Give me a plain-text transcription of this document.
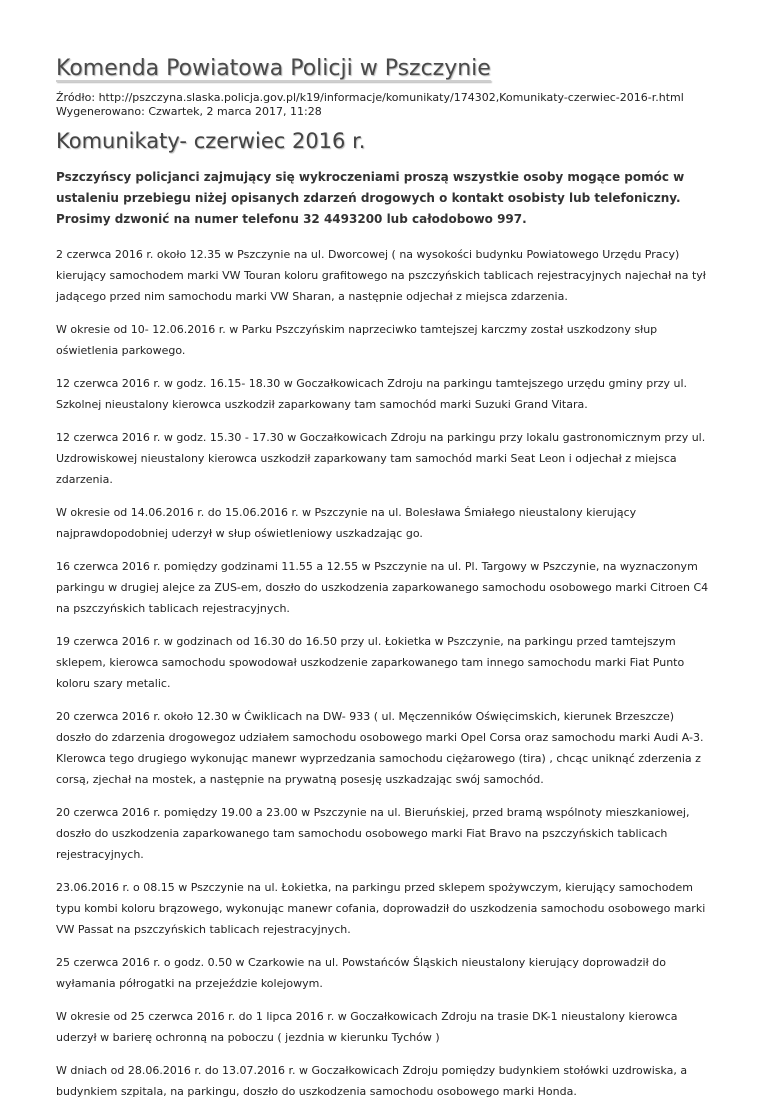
Komenda Powiatowa Policji w Pszczynie

Źródło: http://pszczyna.slaska.policja.gov.pl/k19/informacje/komunikaty/174302,Komunikaty-czerwiec-2016-r.html

Wygenerowano: Czwartek, 2 marca 2017, 11:28

Komunikaty- czerwiec 2016 r.

Pszczyńscy policjanci zajmujący się wykroczeniami proszą wszystkie osoby mogące pomóc w ustaleniu przebiegu niżej opisanych zdarzeń drogowych o kontakt osobisty lub telefoniczny. Prosimy dzwonić na numer telefonu 32 4493200 lub całodobowo 997.

2 czerwca 2016 r. około 12.35 w Pszczynie na ul. Dworcowej ( na wysokości budynku Powiatowego Urzędu Pracy) kierujący samochodem marki VW Touran koloru grafitowego na pszczyńskich tablicach rejestracyjnych najechał na tył jadącego przed nim samochodu marki VW Sharan, a następnie odjechał z miejsca zdarzenia.

W okresie od 10- 12.06.2016 r. w Parku Pszczyńskim naprzeciwko tamtejszej karczmy został uszkodzony słup oświetlenia parkowego.

12 czerwca 2016 r. w godz. 16.15- 18.30 w Goczałkowicach Zdroju na parkingu tamtejszego urzędu gminy przy ul. Szkolnej nieustalony kierowca uszkodził zaparkowany tam samochód marki Suzuki Grand Vitara.

12 czerwca 2016 r. w godz. 15.30 - 17.30 w Goczałkowicach Zdroju na parkingu przy lokalu gastronomicznym przy ul. Uzdrowiskowej nieustalony kierowca uszkodził zaparkowany tam samochód marki Seat Leon i odjechał z miejsca zdarzenia.

W okresie od 14.06.2016 r. do 15.06.2016 r. w Pszczynie na ul. Bolesława Śmiałego nieustalony kierujący najprawdopodobniej uderzył w słup oświetleniowy uszkadzając go.

16 czerwca 2016 r. pomiędzy godzinami 11.55 a 12.55 w Pszczynie na ul. Pl. Targowy w Pszczynie, na wyznaczonym parkingu w drugiej alejce za ZUS-em, doszło do uszkodzenia zaparkowanego samochodu osobowego marki Citroen C4 na pszczyńskich tablicach rejestracyjnych.

19 czerwca 2016 r. w godzinach od 16.30 do 16.50 przy ul. Łokietka w Pszczynie, na parkingu przed tamtejszym sklepem, kierowca samochodu spowodował uszkodzenie zaparkowanego tam innego samochodu marki Fiat Punto koloru szary metalic.

20 czerwca 2016 r. około 12.30 w Ćwiklicach na DW- 933 ( ul. Męczenników Oświęcimskich, kierunek Brzeszcze) doszło do zdarzenia drogowegoz udziałem samochodu osobowego marki Opel Corsa oraz samochodu marki Audi A-3. Klerowca tego drugiego wykonując manewr wyprzedzania samochodu ciężarowego (tira) , chcąc uniknąć zderzenia z corsą, zjechał na mostek, a następnie na prywatną posesję uszkadzając swój samochód.

20 czerwca 2016 r. pomiędzy 19.00 a 23.00 w Pszczynie na ul. Bieruńskiej, przed bramą wspólnoty mieszkaniowej, doszło do uszkodzenia zaparkowanego tam samochodu osobowego marki Fiat Bravo na pszczyńskich tablicach rejestracyjnych.

23.06.2016 r. o 08.15 w Pszczynie na ul. Łokietka, na parkingu przed sklepem spożywczym, kierujący samochodem typu kombi koloru brązowego, wykonując manewr cofania, doprowadził do uszkodzenia samochodu osobowego marki VW Passat na pszczyńskich tablicach rejestracyjnych.

25 czerwca 2016 r. o godz. 0.50 w Czarkowie na ul. Powstańców Śląskich nieustalony kierujący doprowadził do wyłamania półrogatki na przejeździe kolejowym.

W okresie od 25 czerwca 2016 r. do 1 lipca 2016 r. w Goczałkowicach Zdroju na trasie DK-1 nieustalony kierowca uderzył w barierę ochronną na poboczu ( jezdnia w kierunku Tychów )

W dniach od 28.06.2016 r. do 13.07.2016 r. w Goczałkowicach Zdroju pomiędzy budynkiem stołówki uzdrowiska, a budynkiem szpitala, na parkingu, doszło do uszkodzenia samochodu osobowego marki Honda.
